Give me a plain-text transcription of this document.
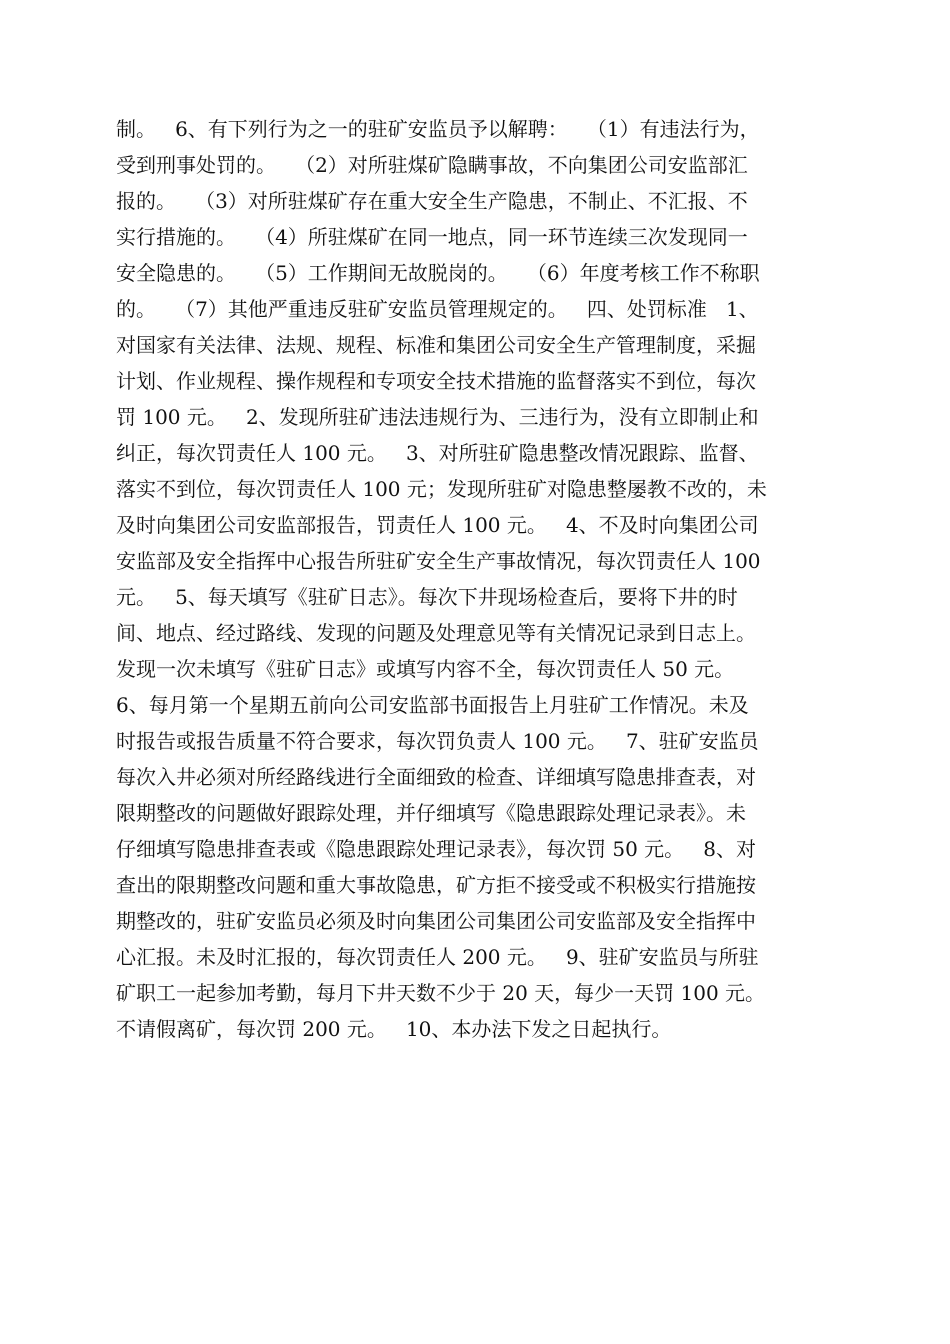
制。   6、有下列行为之一的驻矿安监员予以解聘：   （1）有违法行为，
受到刑事处罚的。   （2）对所驻煤矿隐瞒事故，不向集团公司安监部汇
报的。   （3）对所驻煤矿存在重大安全生产隐患，不制止、不汇报、不
实行措施的。   （4）所驻煤矿在同一地点，同一环节连续三次发现同一
安全隐患的。   （5）工作期间无故脱岗的。   （6）年度考核工作不称职
的。   （7）其他严重违反驻矿安监员管理规定的。   四、处罚标准   1、
对国家有关法律、法规、规程、标准和集团公司安全生产管理制度，采掘
计划、作业规程、操作规程和专项安全技术措施的监督落实不到位，每次
罚 100 元。   2、发现所驻矿违法违规行为、三违行为，没有立即制止和
纠正，每次罚责任人 100 元。   3、对所驻矿隐患整改情况跟踪、监督、
落实不到位，每次罚责任人 100 元；发现所驻矿对隐患整屡教不改的，未
及时向集团公司安监部报告，罚责任人 100 元。   4、不及时向集团公司
安监部及安全指挥中心报告所驻矿安全生产事故情况，每次罚责任人 100
元。   5、每天填写《驻矿日志》。每次下井现场检查后，要将下井的时
间、地点、经过路线、发现的问题及处理意见等有关情况记录到日志上。
发现一次未填写《驻矿日志》或填写内容不全，每次罚责任人 50 元。
6、每月第一个星期五前向公司安监部书面报告上月驻矿工作情况。未及
时报告或报告质量不符合要求，每次罚负责人 100 元。   7、驻矿安监员
每次入井必须对所经路线进行全面细致的检查、详细填写隐患排查表，对
限期整改的问题做好跟踪处理，并仔细填写《隐患跟踪处理记录表》。未
仔细填写隐患排查表或《隐患跟踪处理记录表》，每次罚 50 元。   8、对
查出的限期整改问题和重大事故隐患，矿方拒不接受或不积极实行措施按
期整改的，驻矿安监员必须及时向集团公司集团公司安监部及安全指挥中
心汇报。未及时汇报的，每次罚责任人 200 元。   9、驻矿安监员与所驻
矿职工一起参加考勤，每月下井天数不少于 20 天，每少一天罚 100 元。
不请假离矿，每次罚 200 元。   10、本办法下发之日起执行。
